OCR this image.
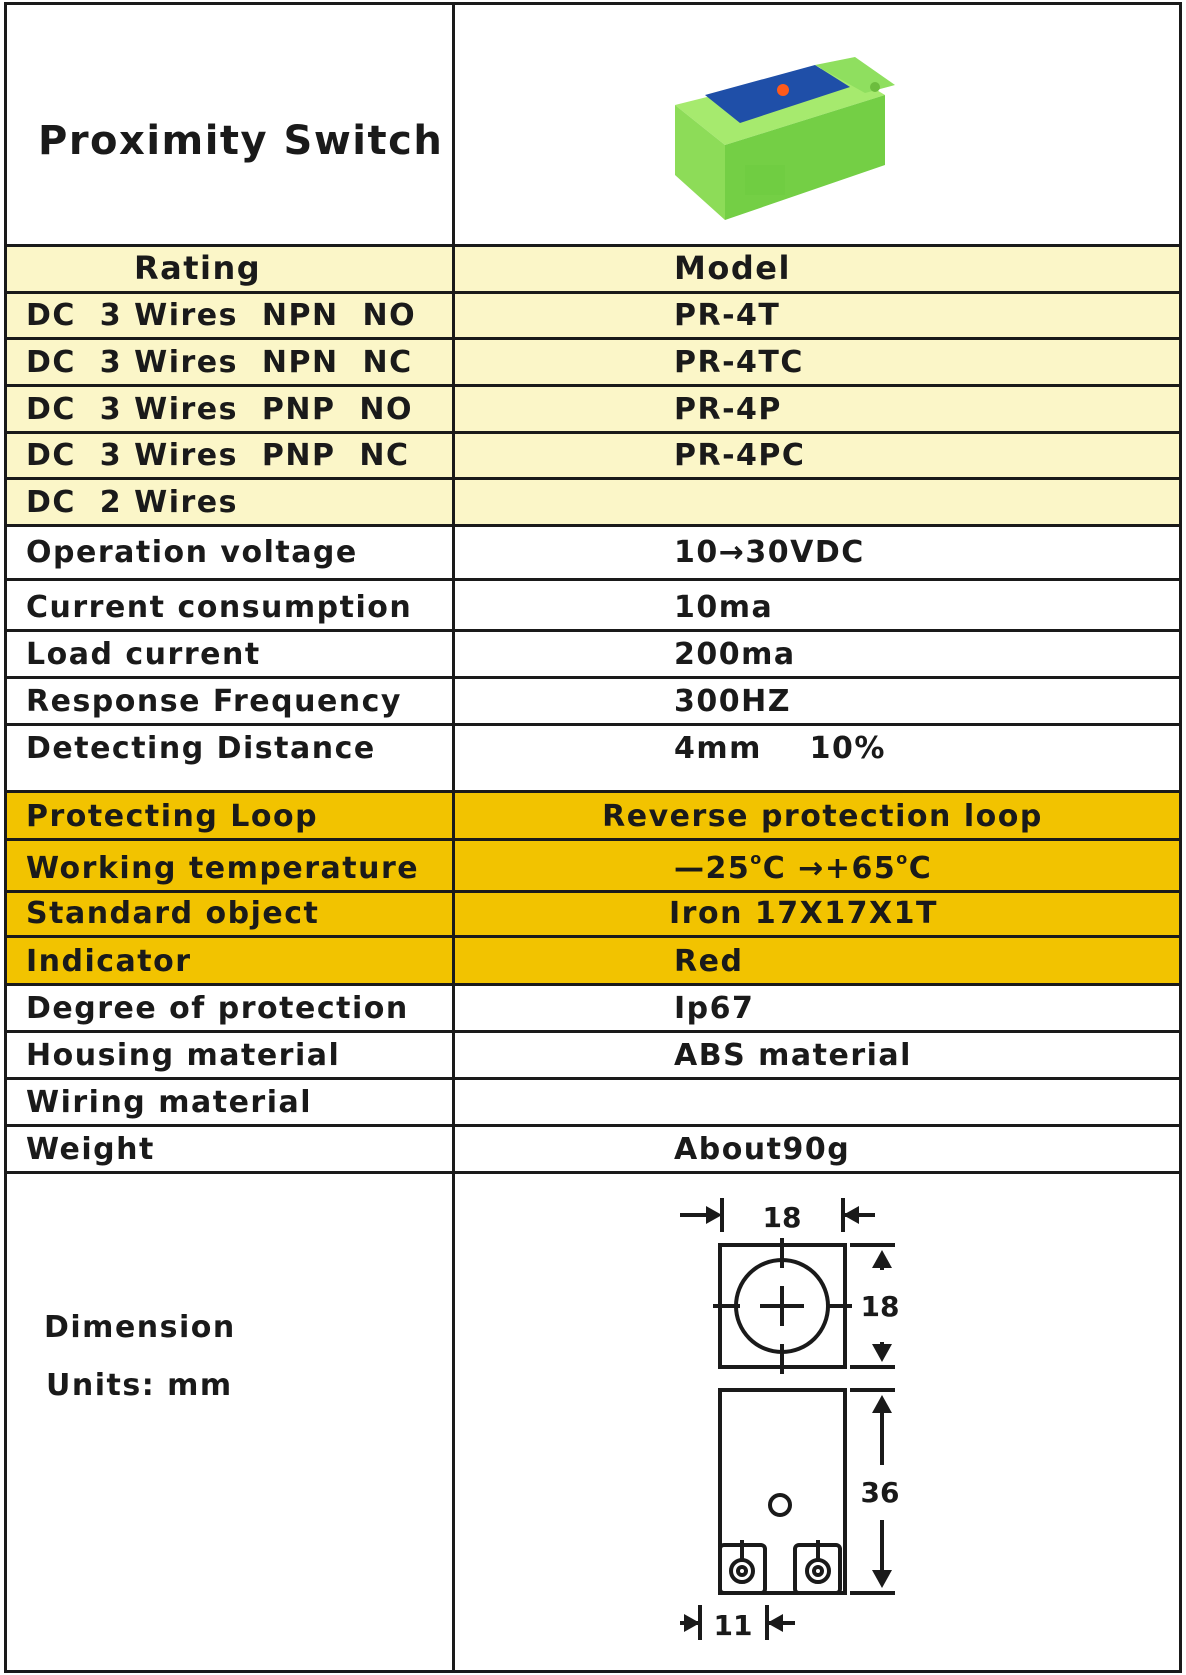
Proximity Switch
Rating	Model
DC  3 Wires  NPN  NO	PR-4T
DC  3 Wires  NPN  NC	PR-4TC
DC  3 Wires  PNP  NO	PR-4P
DC  3 Wires  PNP  NC	PR-4PC
DC  2 Wires
Operation voltage	10→30VDC
Current consumption	10ma
Load current	200ma
Response Frequency	300HZ
Detecting Distance	4mm    10%
Protecting Loop	Reverse protection loop
Working temperature	$—25^oC \to+65^oC$
Standard object	Iron 17X17X1T
Indicator	Red
Degree of protection	Ip67
Housing material	ABS material
Wiring material
Weight	About90g
Dimension
Units: mm
18
18
36
11
